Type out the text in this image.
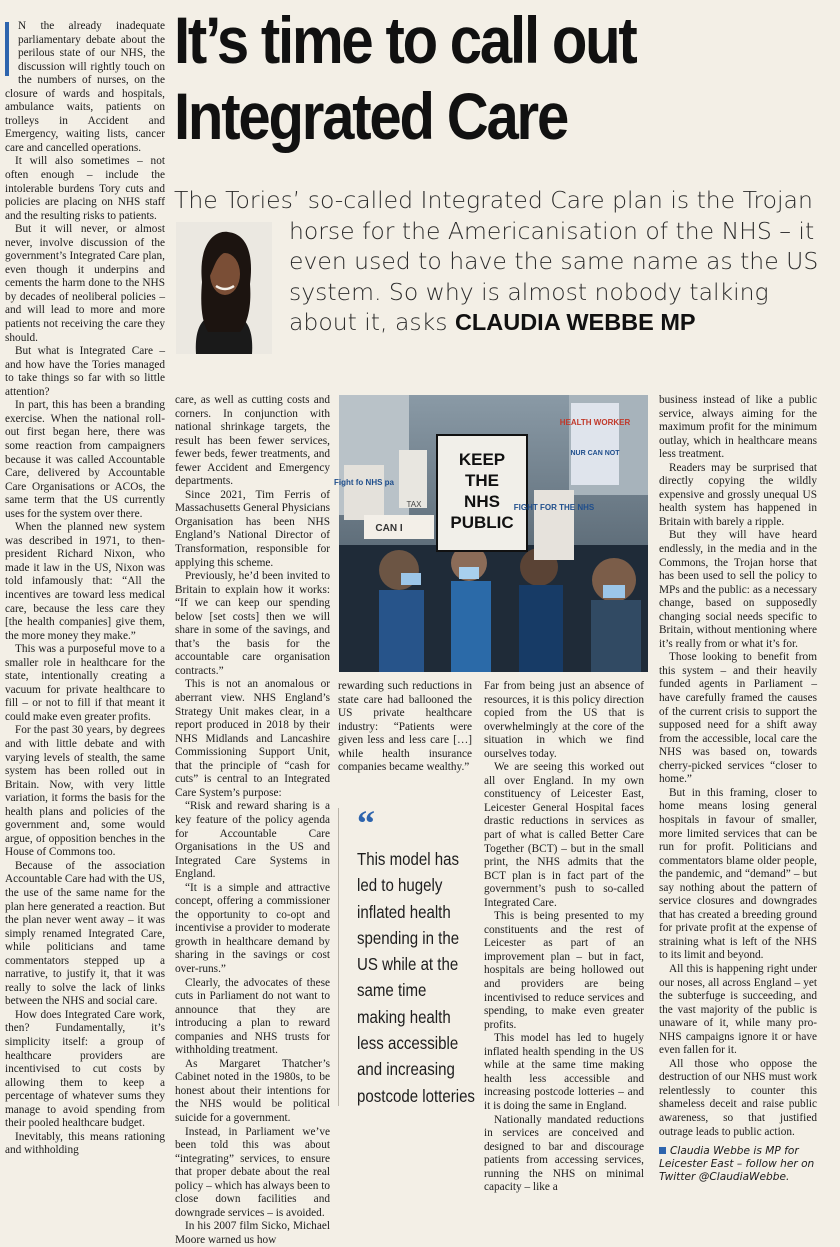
It’s time to call out Integrated Care
The Tories’ so-called Integrated Care plan is the Trojan
horse for the Americanisation of the NHS – it
even used to have the same name as the US
system. So why is almost nobody talking
about it, asks CLAUDIA WEBBE MP

N the already inadequate parliamentary debate about the perilous state of our NHS, the discussion will rightly touch on the numbers of nurses, on the closure of wards and hospitals, ambulance waits, patients on trolleys in Accident and Emergency, waiting lists, cancer care and cancelled operations.

It will also sometimes – not often enough – include the intolerable burdens Tory cuts and policies are placing on NHS staff and the resulting risks to patients.

But it will never, or almost never, involve discussion of the government’s Integrated Care plan, even though it underpins and cements the harm done to the NHS by decades of neoliberal policies – and will lead to more and more patients not receiving the care they should.

But what is Integrated Care – and how have the Tories managed to take things so far with so little attention?

In part, this has been a branding exercise. When the national roll-out first began here, there was some reaction from campaigners because it was called Accountable Care, delivered by Accountable Care Organisations or ACOs, the same term that the US currently uses for the system over there.

When the planned new system was described in 1971, to then-president Richard Nixon, who made it law in the US, Nixon was told infamously that: “All the incentives are toward less medical care, because the less care they [the health companies] give them, the more money they make.”

This was a purposeful move to a smaller role in healthcare for the state, intentionally creating a vacuum for private healthcare to fill – or not to fill if that meant it could make even greater profits.

For the past 30 years, by degrees and with little debate and with varying levels of stealth, the same system has been rolled out in Britain. Now, with very little variation, it forms the basis for the health plans and policies of the government and, some would argue, of opposition benches in the House of Commons too.

Because of the association Accountable Care had with the US, the use of the same name for the plan here generated a reaction. But the plan never went away – it was simply renamed Integrated Care, while politicians and tame commentators stepped up a narrative, to justify it, that it was really to solve the lack of links between the NHS and social care.

How does Integrated Care work, then? Fundamentally, it’s simplicity itself: a group of healthcare providers are incentivised to cut costs by allowing them to keep a percentage of whatever sums they manage to avoid spending from their pooled healthcare budget.

Inevitably, this means rationing and withholding

care, as well as cutting costs and corners. In conjunction with national shrinkage targets, the result has been fewer services, fewer beds, fewer treatments, and fewer Accident and Emergency departments.

Since 2021, Tim Ferris of Massachusetts General Physicians Organisation has been NHS England’s National Director of Transformation, responsible for applying this scheme.

Previously, he’d been invited to Britain to explain how it works: “If we can keep our spending below [set costs] then we will share in some of the savings, and that’s the basis for the accountable care organisation contracts.”

This is not an anomalous or aberrant view. NHS England’s Strategy Unit makes clear, in a report produced in 2018 by their NHS Midlands and Lancashire Commissioning Support Unit, that the principle of “cash for cuts” is central to an Integrated Care System’s purpose:

“Risk and reward sharing is a key feature of the policy agenda for Accountable Care Organisations in the US and Integrated Care Systems in England.

“It is a simple and attractive concept, offering a commissioner the opportunity to co-opt and incentivise a provider to moderate growth in healthcare demand by sharing in the savings or cost over-runs.”

Clearly, the advocates of these cuts in Parliament do not want to announce that they are introducing a plan to reward companies and NHS trusts for withholding treatment.

As Margaret Thatcher’s Cabinet noted in the 1980s, to be honest about their intentions for the NHS would be political suicide for a government.

Instead, in Parliament we’ve been told this was about “integrating” services, to ensure that proper debate about the real policy – which has always been to close down facilities and downgrade services – is avoided.

In his 2007 film Sicko, Michael Moore warned us how

KEEP
THE
NHS
PUBLIC
Fight fo NHS pa
FIGHT FOR THE NHS
HEALTH WORKER
CAN I
NUR CAN NOT
TAX

rewarding such reductions in state care had ballooned the US private healthcare industry: “Patients were given less and less care […] while health insurance companies became wealthy.”

“
This model has led to hugely inflated health spending in the US while at the same time making health less accessible and increasing postcode lotteries

Far from being just an absence of resources, it is this policy direction copied from the US that is overwhelmingly at the core of the situation in which we find ourselves today.

We are seeing this worked out all over England. In my own constituency of Leicester East, Leicester General Hospital faces drastic reductions in services as part of what is called Better Care Together (BCT) – but in the small print, the NHS admits that the BCT plan is in fact part of the government’s push to so-called Integrated Care.

This is being presented to my constituents and the rest of Leicester as part of an improvement plan – but in fact, hospitals are being hollowed out and providers are being incentivised to reduce services and spending, to make even greater profits.

This model has led to hugely inflated health spending in the US while at the same time making health less accessible and increasing postcode lotteries – and it is doing the same in England.

Nationally mandated reductions in services are conceived and designed to bar and discourage patients from accessing services, running the NHS on minimal capacity – like a

business instead of like a public service, always aiming for the maximum profit for the minimum outlay, which in healthcare means less treatment.

Readers may be surprised that directly copying the wildly expensive and grossly unequal US health system has happened in Britain with barely a ripple.

But they will have heard endlessly, in the media and in the Commons, the Trojan horse that has been used to sell the policy to MPs and the public: as a necessary change, based on supposedly changing social needs specific to Britain, without mentioning where it’s really from or what it’s for.

Those looking to benefit from this system – and their heavily funded agents in Parliament – have carefully framed the causes of the current crisis to support the supposed need for a shift away from the accessible, local care the NHS was based on, towards cherry-picked services “closer to home.”

But in this framing, closer to home means losing general hospitals in favour of smaller, more limited services that can be run for profit. Politicians and commentators blame older people, the pandemic, and “demand” – but say nothing about the pattern of service closures and downgrades that has created a breeding ground for private profit at the expense of straining what is left of the NHS to its limit and beyond.

All this is happening right under our noses, all across England – yet the subterfuge is succeeding, and the vast majority of the public is unaware of it, while many pro-NHS campaigns ignore it or have even fallen for it.

All those who oppose the destruction of our NHS must work relentlessly to counter this shameless deceit and raise public awareness, so that justified outrage leads to public action.

Claudia Webbe is MP for Leicester East – follow her on Twitter @ClaudiaWebbe.
